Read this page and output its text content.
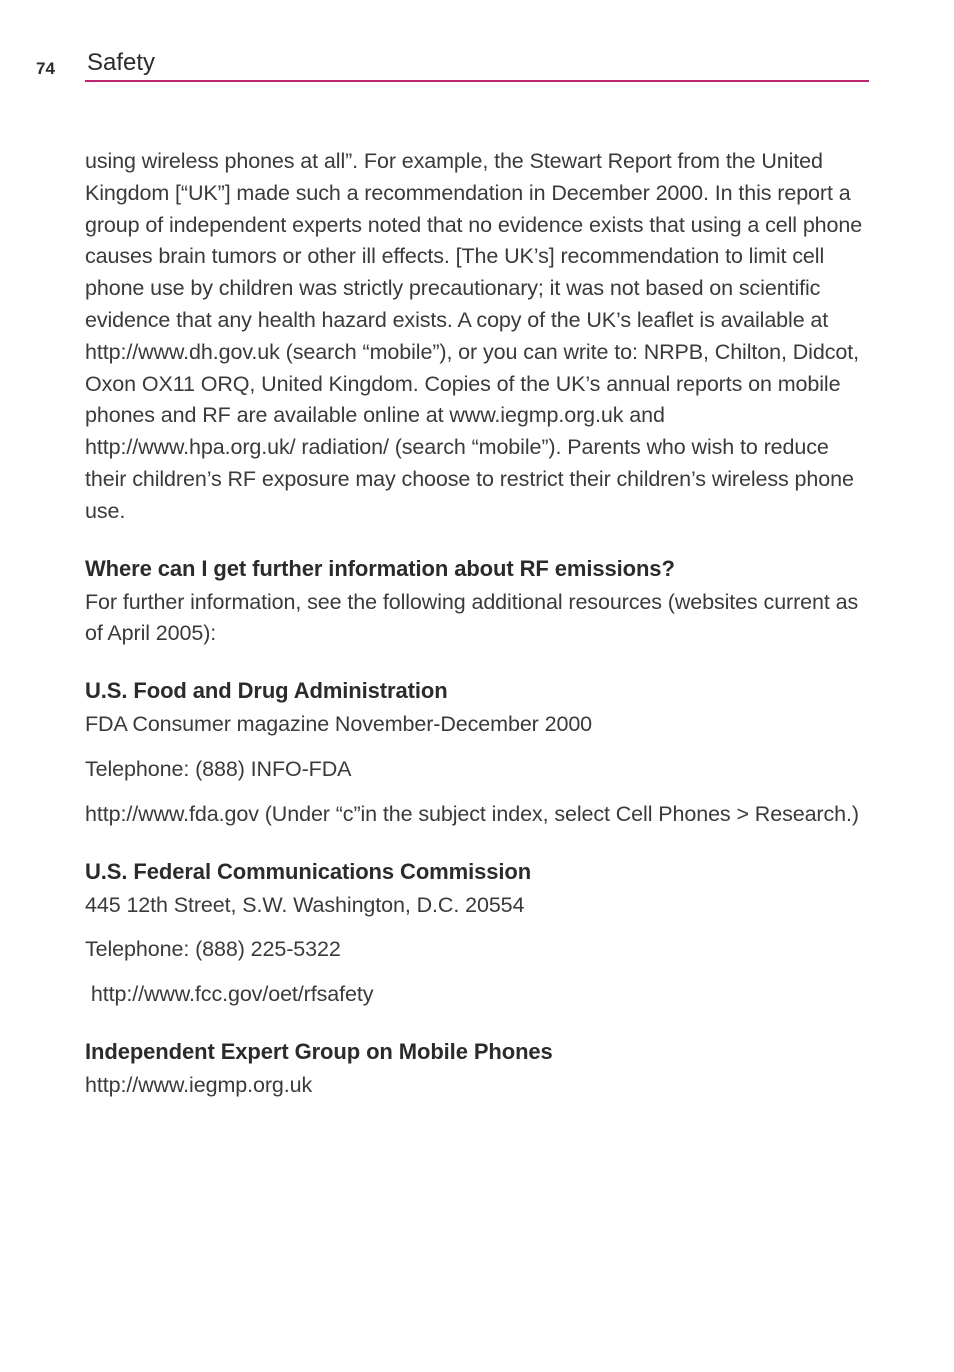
74 Safety

using wireless phones at all”. For example, the Stewart Report from the United Kingdom [“UK”] made such a recommendation in December 2000. In this report a group of independent experts noted that no evidence exists that using a cell phone causes brain tumors or other ill effects. [The UK’s] recommendation to limit cell phone use by children was strictly precautionary; it was not based on scientific evidence that any health hazard exists. A copy of the UK’s leaflet is available at http://www.dh.gov.uk (search “mobile”), or you can write to: NRPB, Chilton, Didcot, Oxon OX11 ORQ, United Kingdom. Copies of the UK’s annual reports on mobile phones and RF are available online at www.iegmp.org.uk and http://www.hpa.org.uk/ radiation/ (search “mobile”). Parents who wish to reduce their children’s RF exposure may choose to restrict their children’s wireless phone use.

Where can I get further information about RF emissions?

For further information, see the following additional resources (websites current as of April 2005):

U.S. Food and Drug Administration

FDA Consumer magazine November-December 2000

Telephone: (888) INFO-FDA

http://www.fda.gov (Under “c”in the subject index, select Cell Phones > Research.)

U.S. Federal Communications Commission

445 12th Street, S.W. Washington, D.C. 20554

Telephone: (888) 225-5322

http://www.fcc.gov/oet/rfsafety

Independent Expert Group on Mobile Phones

http://www.iegmp.org.uk
